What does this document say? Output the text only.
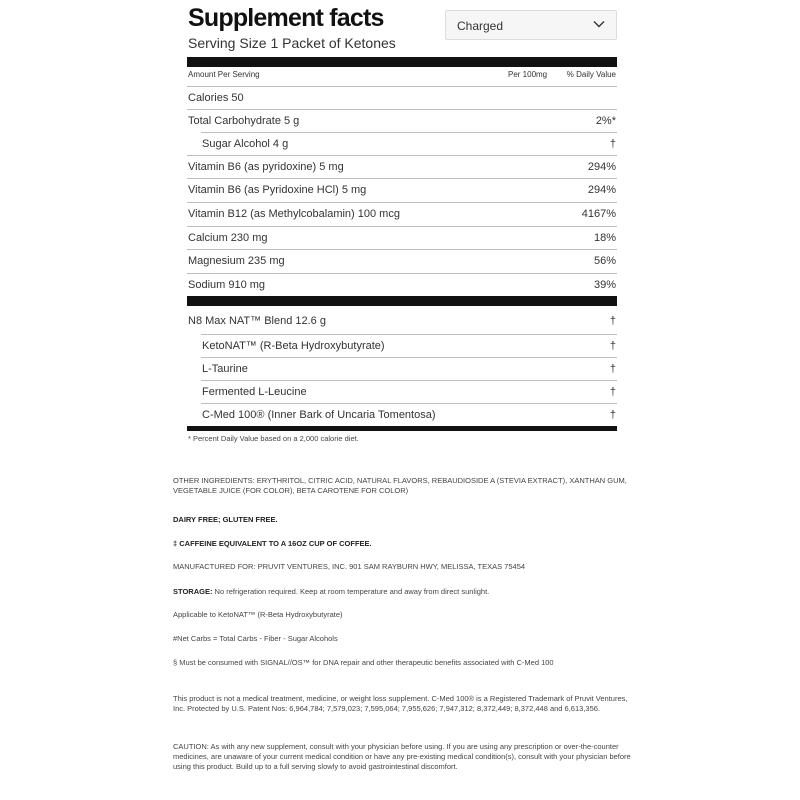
Supplement facts
Serving Size 1 Packet of Ketones
Charged
Amount Per Serving	Per 100mg % Daily Value
Calories 50
Total Carbohydrate 5 g	2%*
Sugar Alcohol 4 g	†
Vitamin B6 (as pyridoxine) 5 mg	294%
Vitamin B6 (as Pyridoxine HCl) 5 mg	294%
Vitamin B12 (as Methylcobalamin) 100 mcg	4167%
Calcium 230 mg	18%
Magnesium 235 mg	56%
Sodium 910 mg	39%
N8 Max NAT™ Blend 12.6 g	†
KetoNAT™ (R-Beta Hydroxybutyrate)	†
L-Taurine	†
Fermented L-Leucine	†
C-Med 100® (Inner Bark of Uncaria Tomentosa)	†
* Percent Daily Value based on a 2,000 calorie diet.
OTHER INGREDIENTS: ERYTHRITOL, CITRIC ACID, NATURAL FLAVORS, REBAUDIOSIDE A (STEVIA EXTRACT), XANTHAN GUM, VEGETABLE JUICE (FOR COLOR), BETA CAROTENE FOR COLOR)
DAIRY FREE; GLUTEN FREE.
‡ CAFFEINE EQUIVALENT TO A 16OZ CUP OF COFFEE.
MANUFACTURED FOR: PRUVIT VENTURES, INC. 901 SAM RAYBURN HWY, MELISSA, TEXAS 75454
STORAGE: No refrigeration required. Keep at room temperature and away from direct sunlight.
Applicable to KetoNAT™ (R-Beta Hydroxybutyrate)
#Net Carbs = Total Carbs - Fiber - Sugar Alcohols
§ Must be consumed with SIGNAL//OS™ for DNA repair and other therapeutic benefits associated with C-Med 100
This product is not a medical treatment, medicine, or weight loss supplement. C-Med 100® is a Registered Trademark of Pruvit Ventures, Inc. Protected by U.S. Patent Nos: 6,964,784; 7,579,023; 7,595,064; 7,955,626; 7,947,312; 8,372,449; 8,372,448 and 6,613,356.
CAUTION: As with any new supplement, consult with your physician before using. If you are using any prescription or over-the-counter medicines, are unaware of your current medical condition or have any pre-existing medical condition(s), consult with your physician before using this product. Build up to a full serving slowly to avoid gastrointestinal discomfort.
